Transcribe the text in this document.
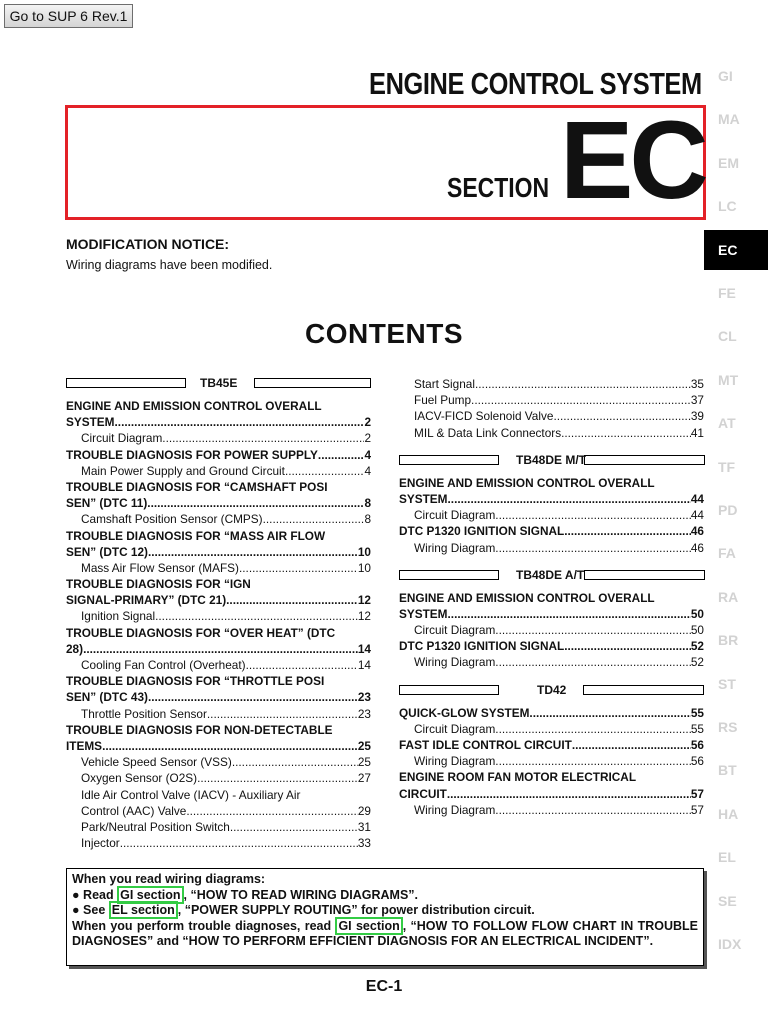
Go to SUP 6 Rev.1
ENGINE CONTROL SYSTEM
SECTION EC
GI
MA
EM
LC
EC
FE
CL
MT
AT
TF
PD
FA
RA
BR
ST
RS
BT
HA
EL
SE
IDX
MODIFICATION NOTICE:
Wiring diagrams have been modified.
CONTENTS
TB45E
ENGINE AND EMISSION CONTROL OVERALL
SYSTEM .....	2
Circuit Diagram .....	2
TROUBLE DIAGNOSIS FOR POWER SUPPLY .....	4
Main Power Supply and Ground Circuit .....	4
TROUBLE DIAGNOSIS FOR “CAMSHAFT POSI
SEN” (DTC 11) .....	8
Camshaft Position Sensor (CMPS) .....	8
TROUBLE DIAGNOSIS FOR “MASS AIR FLOW
SEN” (DTC 12) .....	10
Mass Air Flow Sensor (MAFS) .....	10
TROUBLE DIAGNOSIS FOR “IGN
SIGNAL-PRIMARY” (DTC 21) .....	12
Ignition Signal .....	12
TROUBLE DIAGNOSIS FOR “OVER HEAT” (DTC
28) .....	14
Cooling Fan Control (Overheat) .....	14
TROUBLE DIAGNOSIS FOR “THROTTLE POSI
SEN” (DTC 43) .....	23
Throttle Position Sensor .....	23
TROUBLE DIAGNOSIS FOR NON-DETECTABLE
ITEMS .....	25
Vehicle Speed Sensor (VSS) .....	25
Oxygen Sensor (O2S) .....	27
Idle Air Control Valve (IACV) - Auxiliary Air
Control (AAC) Valve .....	29
Park/Neutral Position Switch .....	31
Injector .....	33
Start Signal .....	35
Fuel Pump .....	37
IACV-FICD Solenoid Valve .....	39
MIL & Data Link Connectors .....	41
TB48DE M/T
ENGINE AND EMISSION CONTROL OVERALL
SYSTEM .....	44
Circuit Diagram .....	44
DTC P1320 IGNITION SIGNAL .....	46
Wiring Diagram .....	46
TB48DE A/T
ENGINE AND EMISSION CONTROL OVERALL
SYSTEM .....	50
Circuit Diagram .....	50
DTC P1320 IGNITION SIGNAL .....	52
Wiring Diagram .....	52
TD42
QUICK-GLOW SYSTEM .....	55
Circuit Diagram .....	55
FAST IDLE CONTROL CIRCUIT .....	56
Wiring Diagram .....	56
ENGINE ROOM FAN MOTOR ELECTRICAL
CIRCUIT .....	57
Wiring Diagram .....	57
When you read wiring diagrams:
● Read GI section , “HOW TO READ WIRING DIAGRAMS”.
● See EL section , “POWER SUPPLY ROUTING” for power distribution circuit.
When you perform trouble diagnoses, read GI section , “HOW TO FOLLOW FLOW CHART IN TROUBLE DIAGNOSES” and “HOW TO PERFORM EFFICIENT DIAGNOSIS FOR AN ELECTRICAL INCIDENT”.
EC-1
